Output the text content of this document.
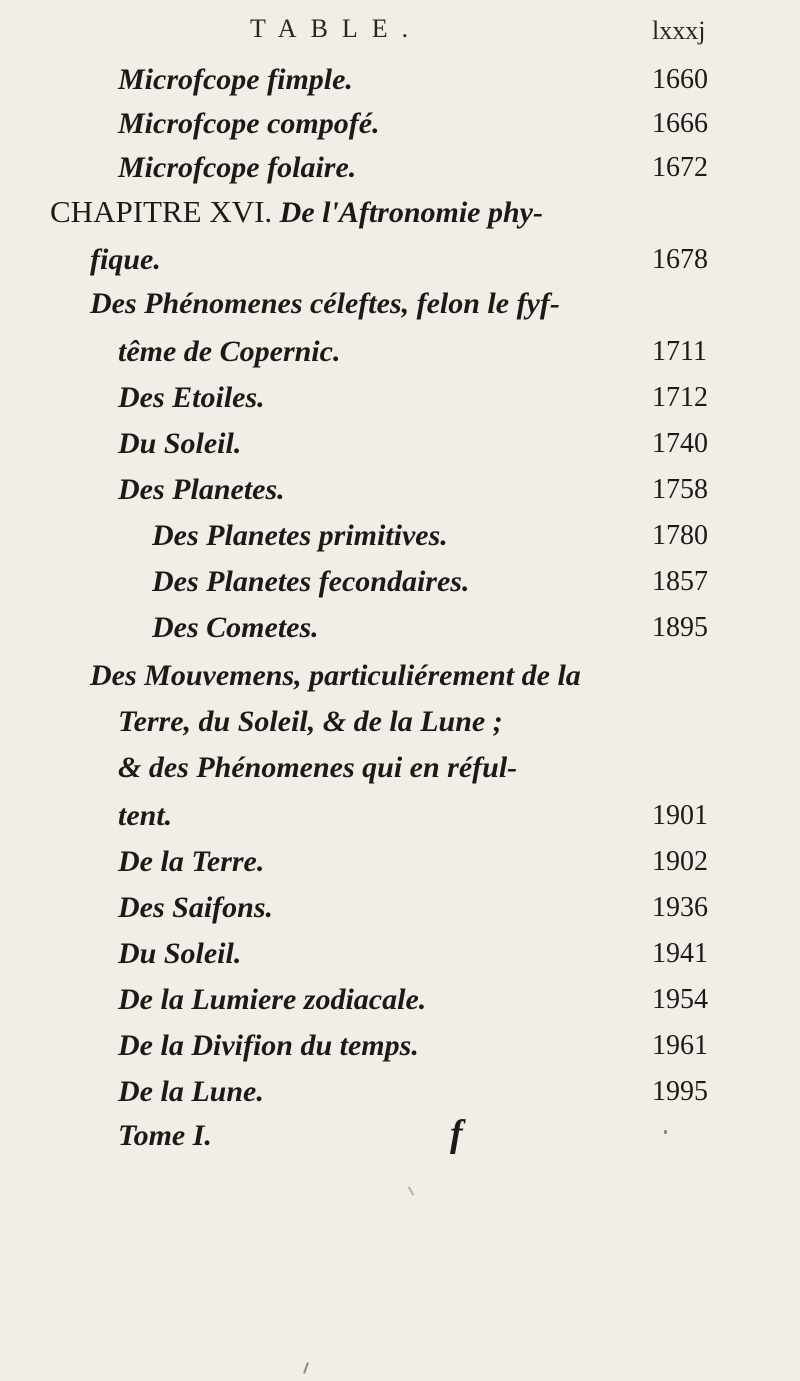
TABLE.	lxxxj
Microfcope fimple.	1660
Microfcope compofé.	1666
Microfcope folaire.	1672
CHAPITRE XVI. De l'Aftronomie phy-
fique.	1678
Des Phénomenes céleftes, felon le fyf-
tême de Copernic.	1711
Des Etoiles.	1712
Du Soleil.	1740
Des Planetes.	1758
Des Planetes primitives.	1780
Des Planetes fecondaires.	1857
Des Cometes.	1895
Des Mouvemens, particuliérement de la
Terre, du Soleil, & de la Lune ;
& des Phénomenes qui en réful-
tent.	1901
De la Terre.	1902
Des Saifons.	1936
Du Soleil.	1941
De la Lumiere zodiacale.	1954
De la Divifion du temps.	1961
De la Lune.	1995
Tome I.	f
